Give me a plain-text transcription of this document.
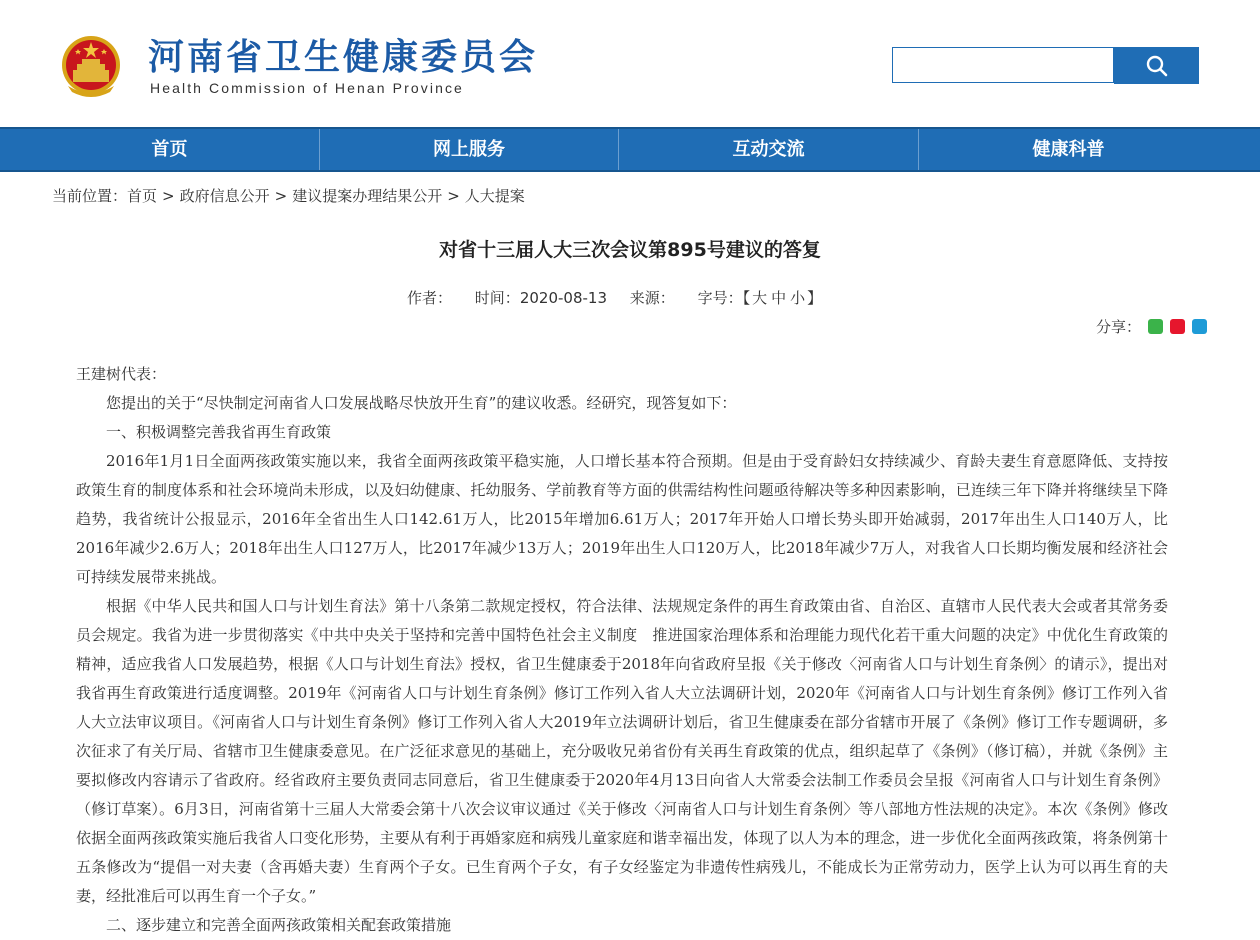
河南省卫生健康委员会
Health Commission of Henan Province
首页	网上服务	互动交流	健康科普
当前位置：首页 > 政府信息公开 > 建议提案办理结果公开 > 人大提案
对省十三届人大三次会议第895号建议的答复
作者： 时间：2020-08-13 来源： 字号：【 大 中 小 】
分享：

王建树代表：

您提出的关于“尽快制定河南省人口发展战略尽快放开生育”的建议收悉。经研究，现答复如下：

一、积极调整完善我省再生育政策

2016年1月1日全面两孩政策实施以来，我省全面两孩政策平稳实施，人口增长基本符合预期。但是由于受育龄妇女持续减少、育龄夫妻生育意愿降低、支持按政策生育的制度体系和社会环境尚未形成，以及妇幼健康、托幼服务、学前教育等方面的供需结构性问题亟待解决等多种因素影响，已连续三年下降并将继续呈下降趋势，我省统计公报显示，2016年全省出生人口142.61万人，比2015年增加6.61万人；2017年开始人口增长势头即开始减弱，2017年出生人口140万人，比2016年减少2.6万人；2018年出生人口127万人，比2017年减少13万人；2019年出生人口120万人，比2018年减少7万人，对我省人口长期均衡发展和经济社会可持续发展带来挑战。

根据《中华人民共和国人口与计划生育法》第十八条第二款规定授权，符合法律、法规规定条件的再生育政策由省、自治区、直辖市人民代表大会或者其常务委员会规定。我省为进一步贯彻落实《中共中央关于坚持和完善中国特色社会主义制度　推进国家治理体系和治理能力现代化若干重大问题的决定》中优化生育政策的精神，适应我省人口发展趋势，根据《人口与计划生育法》授权，省卫生健康委于2018年向省政府呈报《关于修改〈河南省人口与计划生育条例〉的请示》，提出对我省再生育政策进行适度调整。2019年《河南省人口与计划生育条例》修订工作列入省人大立法调研计划，2020年《河南省人口与计划生育条例》修订工作列入省人大立法审议项目。《河南省人口与计划生育条例》修订工作列入省人大2019年立法调研计划后，省卫生健康委在部分省辖市开展了《条例》修订工作专题调研，多次征求了有关厅局、省辖市卫生健康委意见。在广泛征求意见的基础上，充分吸收兄弟省份有关再生育政策的优点，组织起草了《条例》（修订稿），并就《条例》主要拟修改内容请示了省政府。经省政府主要负责同志同意后，省卫生健康委于2020年4月13日向省人大常委会法制工作委员会呈报《河南省人口与计划生育条例》（修订草案）。6月3日，河南省第十三届人大常委会第十八次会议审议通过《关于修改〈河南省人口与计划生育条例〉等八部地方性法规的决定》。本次《条例》修改依据全面两孩政策实施后我省人口变化形势，主要从有利于再婚家庭和病残儿童家庭和谐幸福出发，体现了以人为本的理念，进一步优化全面两孩政策，将条例第十五条修改为“提倡一对夫妻（含再婚夫妻）生育两个子女。已生育两个子女，有子女经鉴定为非遗传性病残儿，不能成长为正常劳动力，医学上认为可以再生育的夫妻，经批准后可以再生育一个子女。”

二、逐步建立和完善全面两孩政策相关配套政策措施
